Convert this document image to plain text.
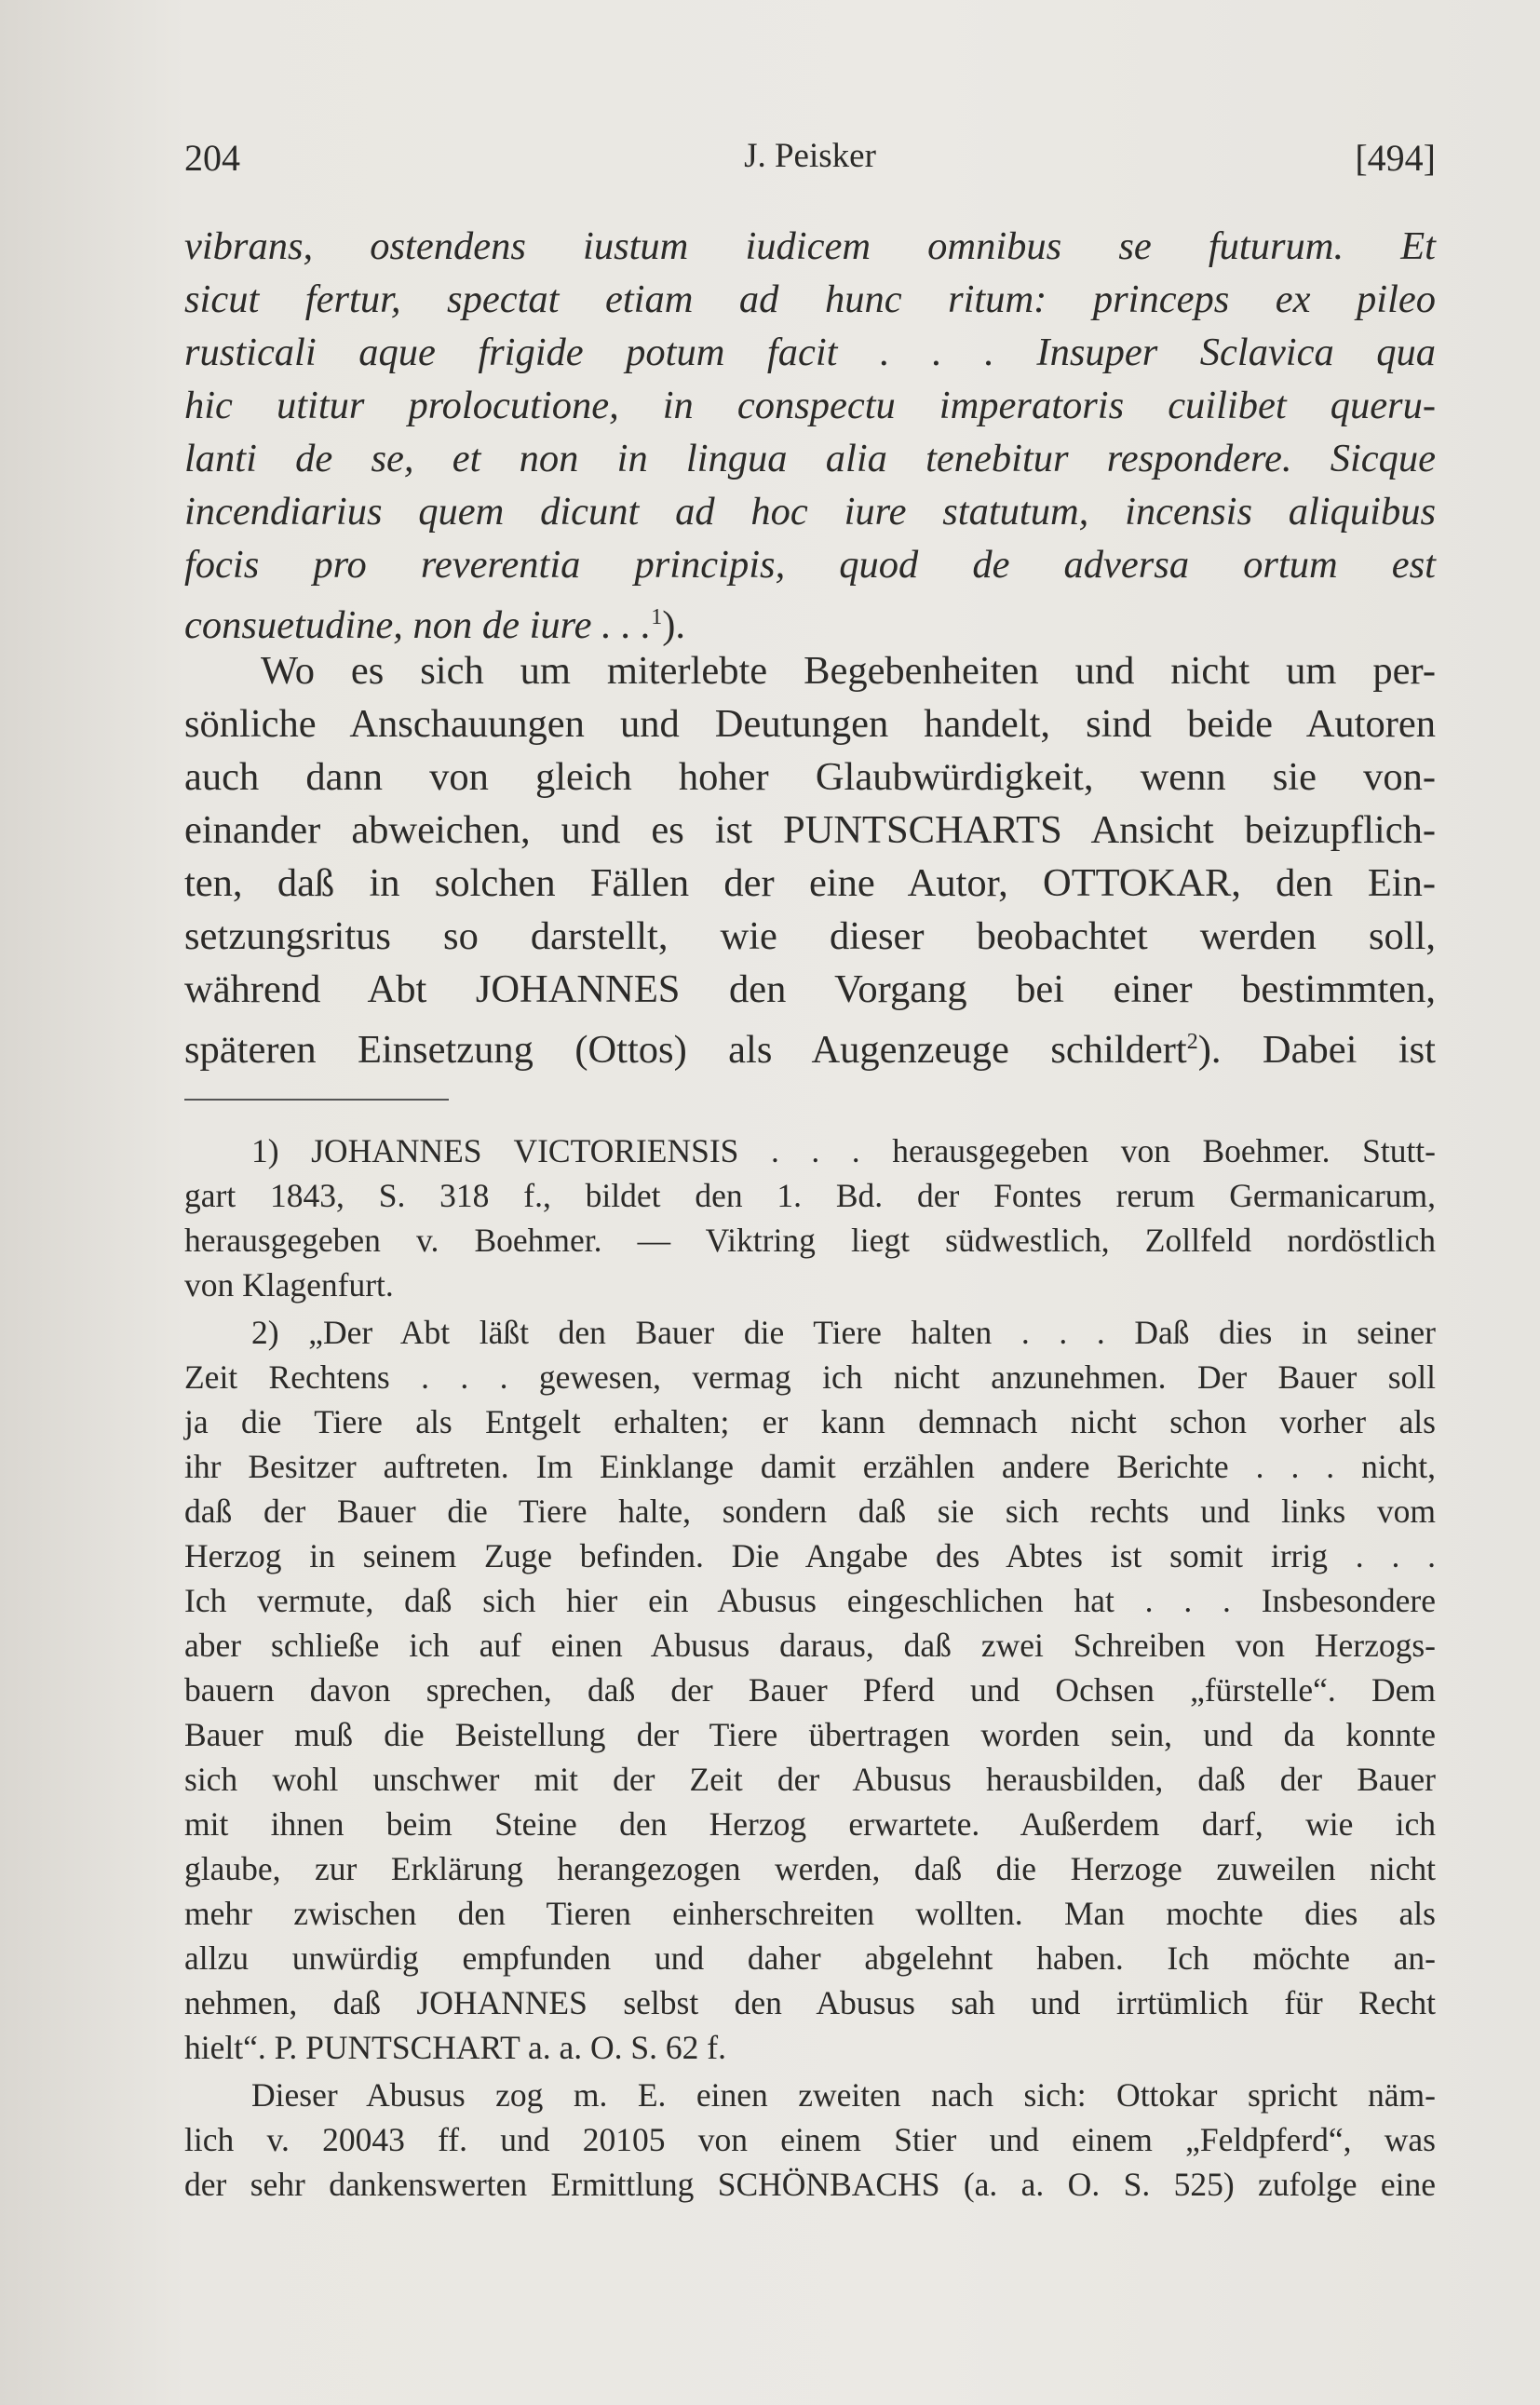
204	J. Peisker	[494]
vibrans, ostendens iustum iudicem omnibus se futurum. Et
sicut fertur, spectat etiam ad hunc ritum: princeps ex pileo
rusticali aque frigide potum facit . . . Insuper Sclavica qua
hic utitur prolocutione, in conspectu imperatoris cuilibet queru-
lanti de se, et non in lingua alia tenebitur respondere. Sicque
incendiarius quem dicunt ad hoc iure statutum, incensis aliquibus
focis pro reverentia principis, quod de adversa ortum est
consuetudine, non de iure . . .$^1$).
Wo es sich um miterlebte Begebenheiten und nicht um per-
sönliche Anschauungen und Deutungen handelt, sind beide Autoren
auch dann von gleich hoher Glaubwürdigkeit, wenn sie von-
einander abweichen, und es ist PUNTSCHARTS Ansicht beizupflich-
ten, daß in solchen Fällen der eine Autor, OTTOKAR, den Ein-
setzungsritus so darstellt, wie dieser beobachtet werden soll,
während Abt JOHANNES den Vorgang bei einer bestimmten,
späteren Einsetzung (Ottos) als Augenzeuge schildert$^2$). Dabei ist
1) JOHANNES VICTORIENSIS . . . herausgegeben von Boehmer. Stutt-
gart 1843, S. 318 f., bildet den 1. Bd. der Fontes rerum Germanicarum,
herausgegeben v. Boehmer. — Viktring liegt südwestlich, Zollfeld nordöstlich
von Klagenfurt.
2) „Der Abt läßt den Bauer die Tiere halten . . . Daß dies in seiner
Zeit Rechtens . . . gewesen, vermag ich nicht anzunehmen. Der Bauer soll
ja die Tiere als Entgelt erhalten; er kann demnach nicht schon vorher als
ihr Besitzer auftreten. Im Einklange damit erzählen andere Berichte . . . nicht,
daß der Bauer die Tiere halte, sondern daß sie sich rechts und links vom
Herzog in seinem Zuge befinden. Die Angabe des Abtes ist somit irrig . . .
Ich vermute, daß sich hier ein Abusus eingeschlichen hat . . . Insbesondere
aber schließe ich auf einen Abusus daraus, daß zwei Schreiben von Herzogs-
bauern davon sprechen, daß der Bauer Pferd und Ochsen „fürstelle“. Dem
Bauer muß die Beistellung der Tiere übertragen worden sein, und da konnte
sich wohl unschwer mit der Zeit der Abusus herausbilden, daß der Bauer
mit ihnen beim Steine den Herzog erwartete. Außerdem darf, wie ich
glaube, zur Erklärung herangezogen werden, daß die Herzoge zuweilen nicht
mehr zwischen den Tieren einherschreiten wollten. Man mochte dies als
allzu unwürdig empfunden und daher abgelehnt haben. Ich möchte an-
nehmen, daß JOHANNES selbst den Abusus sah und irrtümlich für Recht
hielt“. P. PUNTSCHART a. a. O. S. 62 f.
Dieser Abusus zog m. E. einen zweiten nach sich: Ottokar spricht näm-
lich v. 20043 ff. und 20105 von einem Stier und einem „Feldpferd“, was
der sehr dankenswerten Ermittlung SCHÖNBACHS (a. a. O. S. 525) zufolge eine
